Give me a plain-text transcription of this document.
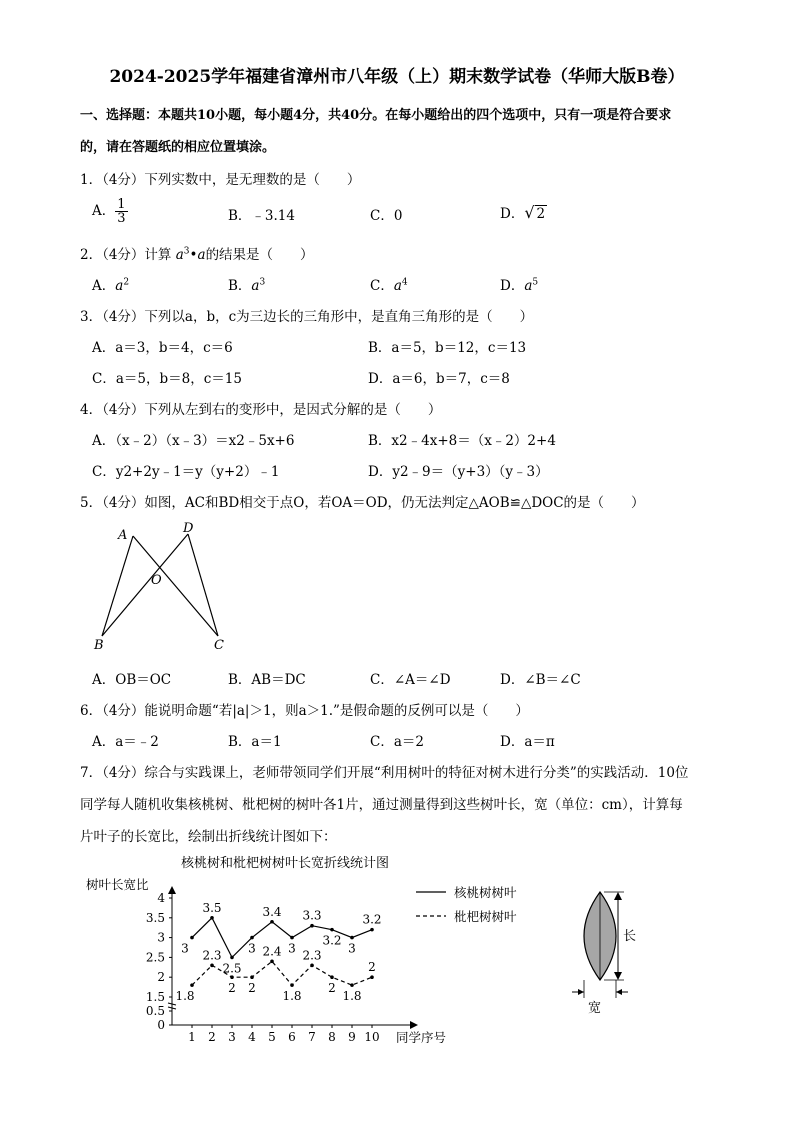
2024-2025学年福建省漳州市八年级（上）期末数学试卷（华师大版B卷）
一、选择题：本题共10小题，每小题4分，共40分。在每小题给出的四个选项中，只有一项是符合要求
的，请在答题纸的相应位置填涂。
1．（4分）下列实数中，是无理数的是（　　）
A． $\frac{1}{3}$	B．﹣3.14	C．0	D．√ 2
2．（4分）计算 $a^3•a$的结果是（　　）
A．$a^2$	B．$a^3$	C．$a^4$	D．$a^5$
3．（4分）下列以a，b，c为三边长的三角形中，是直角三角形的是（　　）
A．a＝3，b＝4，c＝6	B．a＝5，b＝12，c＝13
C．a＝5，b＝8，c＝15	D．a＝6，b＝7，c＝8
4．（4分）下列从左到右的变形中，是因式分解的是（　　）
A．（x﹣2）（x﹣3）＝x2﹣5x+6	B．x2﹣4x+8＝（x﹣2）2+4
C．y2+2y﹣1＝y（y+2）﹣1	D．y2﹣9＝（y+3）（y﹣3）
5．（4分）如图，AC和BD相交于点O，若OA＝OD，仍无法判定△AOB≌△DOC的是（　　）
A	D
O
B	C
A．OB＝OC	B．AB＝DC	C．∠A＝∠D	D．∠B＝∠C
6．（4分）能说明命题“若|a|＞1，则a＞1.”是假命题的反例可以是（　　）
A．a＝﹣2	B．a＝1	C．a＝2	D．a＝π
7．（4分）综合与实践课上，老师带领同学们开展“利用树叶的特征对树木进行分类”的实践活动．10位
同学每人随机收集核桃树、枇杷树的树叶各1片，通过测量得到这些树叶长，宽（单位：cm），计算每
片叶子的长宽比，绘制出折线统计图如下：
核桃树和枇杷树树叶长宽折线统计图
树叶长宽比
同学序号
0
0.5
1.5
2
2.5
3
3.5
4
1 2 3 4 5 6 7 8 9 10
3
3.5
2.5
3
3.4
3
3.3
3.2
3
3.2
1.8
2.3
2 2
2.4
1.8
2.3
2
1.8
2
核桃树树叶
枇杷树树叶
长
宽
